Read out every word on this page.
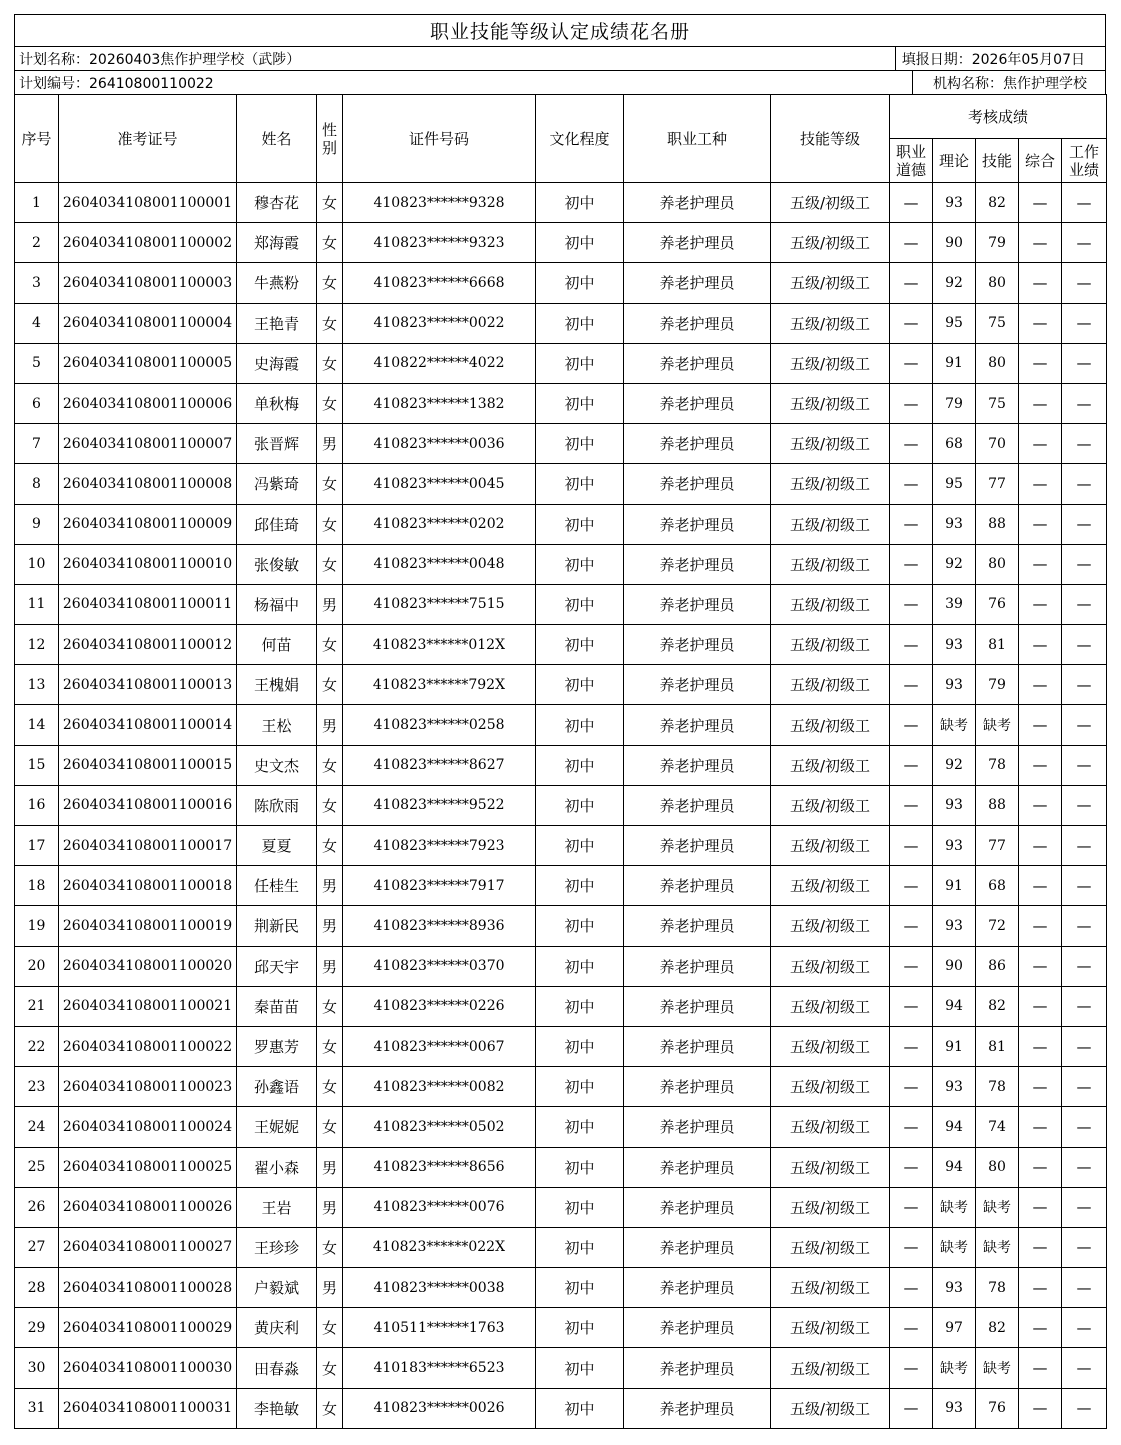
职业技能等级认定成绩花名册
计划名称：20260403焦作护理学校（武陟）	填报日期： 2026年05月07日
计划编号：26410800110022	机构名称： 焦作护理学校
序号	准考证号	姓名	性别	证件号码	文化程度	职业工种	技能等级	考核成绩				
								职业道德	理论	技能	综合	工作业绩
1	2604034108001100001	穆杏花	女	410823******9328	初中	养老护理员	五级/初级工	—	93	82	—	—
2	2604034108001100002	郑海霞	女	410823******9323	初中	养老护理员	五级/初级工	—	90	79	—	—
3	2604034108001100003	牛燕粉	女	410823******6668	初中	养老护理员	五级/初级工	—	92	80	—	—
4	2604034108001100004	王艳青	女	410823******0022	初中	养老护理员	五级/初级工	—	95	75	—	—
5	2604034108001100005	史海霞	女	410822******4022	初中	养老护理员	五级/初级工	—	91	80	—	—
6	2604034108001100006	单秋梅	女	410823******1382	初中	养老护理员	五级/初级工	—	79	75	—	—
7	2604034108001100007	张晋辉	男	410823******0036	初中	养老护理员	五级/初级工	—	68	70	—	—
8	2604034108001100008	冯紫琦	女	410823******0045	初中	养老护理员	五级/初级工	—	95	77	—	—
9	2604034108001100009	邱佳琦	女	410823******0202	初中	养老护理员	五级/初级工	—	93	88	—	—
10	2604034108001100010	张俊敏	女	410823******0048	初中	养老护理员	五级/初级工	—	92	80	—	—
11	2604034108001100011	杨福中	男	410823******7515	初中	养老护理员	五级/初级工	—	39	76	—	—
12	2604034108001100012	何苗	女	410823******012X	初中	养老护理员	五级/初级工	—	93	81	—	—
13	2604034108001100013	王槐娟	女	410823******792X	初中	养老护理员	五级/初级工	—	93	79	—	—
14	2604034108001100014	王松	男	410823******0258	初中	养老护理员	五级/初级工	—	缺考	缺考	—	—
15	2604034108001100015	史文杰	女	410823******8627	初中	养老护理员	五级/初级工	—	92	78	—	—
16	2604034108001100016	陈欣雨	女	410823******9522	初中	养老护理员	五级/初级工	—	93	88	—	—
17	2604034108001100017	夏夏	女	410823******7923	初中	养老护理员	五级/初级工	—	93	77	—	—
18	2604034108001100018	任桂生	男	410823******7917	初中	养老护理员	五级/初级工	—	91	68	—	—
19	2604034108001100019	荆新民	男	410823******8936	初中	养老护理员	五级/初级工	—	93	72	—	—
20	2604034108001100020	邱天宇	男	410823******0370	初中	养老护理员	五级/初级工	—	90	86	—	—
21	2604034108001100021	秦苗苗	女	410823******0226	初中	养老护理员	五级/初级工	—	94	82	—	—
22	2604034108001100022	罗惠芳	女	410823******0067	初中	养老护理员	五级/初级工	—	91	81	—	—
23	2604034108001100023	孙鑫语	女	410823******0082	初中	养老护理员	五级/初级工	—	93	78	—	—
24	2604034108001100024	王妮妮	女	410823******0502	初中	养老护理员	五级/初级工	—	94	74	—	—
25	2604034108001100025	翟小森	男	410823******8656	初中	养老护理员	五级/初级工	—	94	80	—	—
26	2604034108001100026	王岩	男	410823******0076	初中	养老护理员	五级/初级工	—	缺考	缺考	—	—
27	2604034108001100027	王珍珍	女	410823******022X	初中	养老护理员	五级/初级工	—	缺考	缺考	—	—
28	2604034108001100028	户毅斌	男	410823******0038	初中	养老护理员	五级/初级工	—	93	78	—	—
29	2604034108001100029	黄庆利	女	410511******1763	初中	养老护理员	五级/初级工	—	97	82	—	—
30	2604034108001100030	田春淼	女	410183******6523	初中	养老护理员	五级/初级工	—	缺考	缺考	—	—
31	2604034108001100031	李艳敏	女	410823******0026	初中	养老护理员	五级/初级工	—	93	76	—	—
